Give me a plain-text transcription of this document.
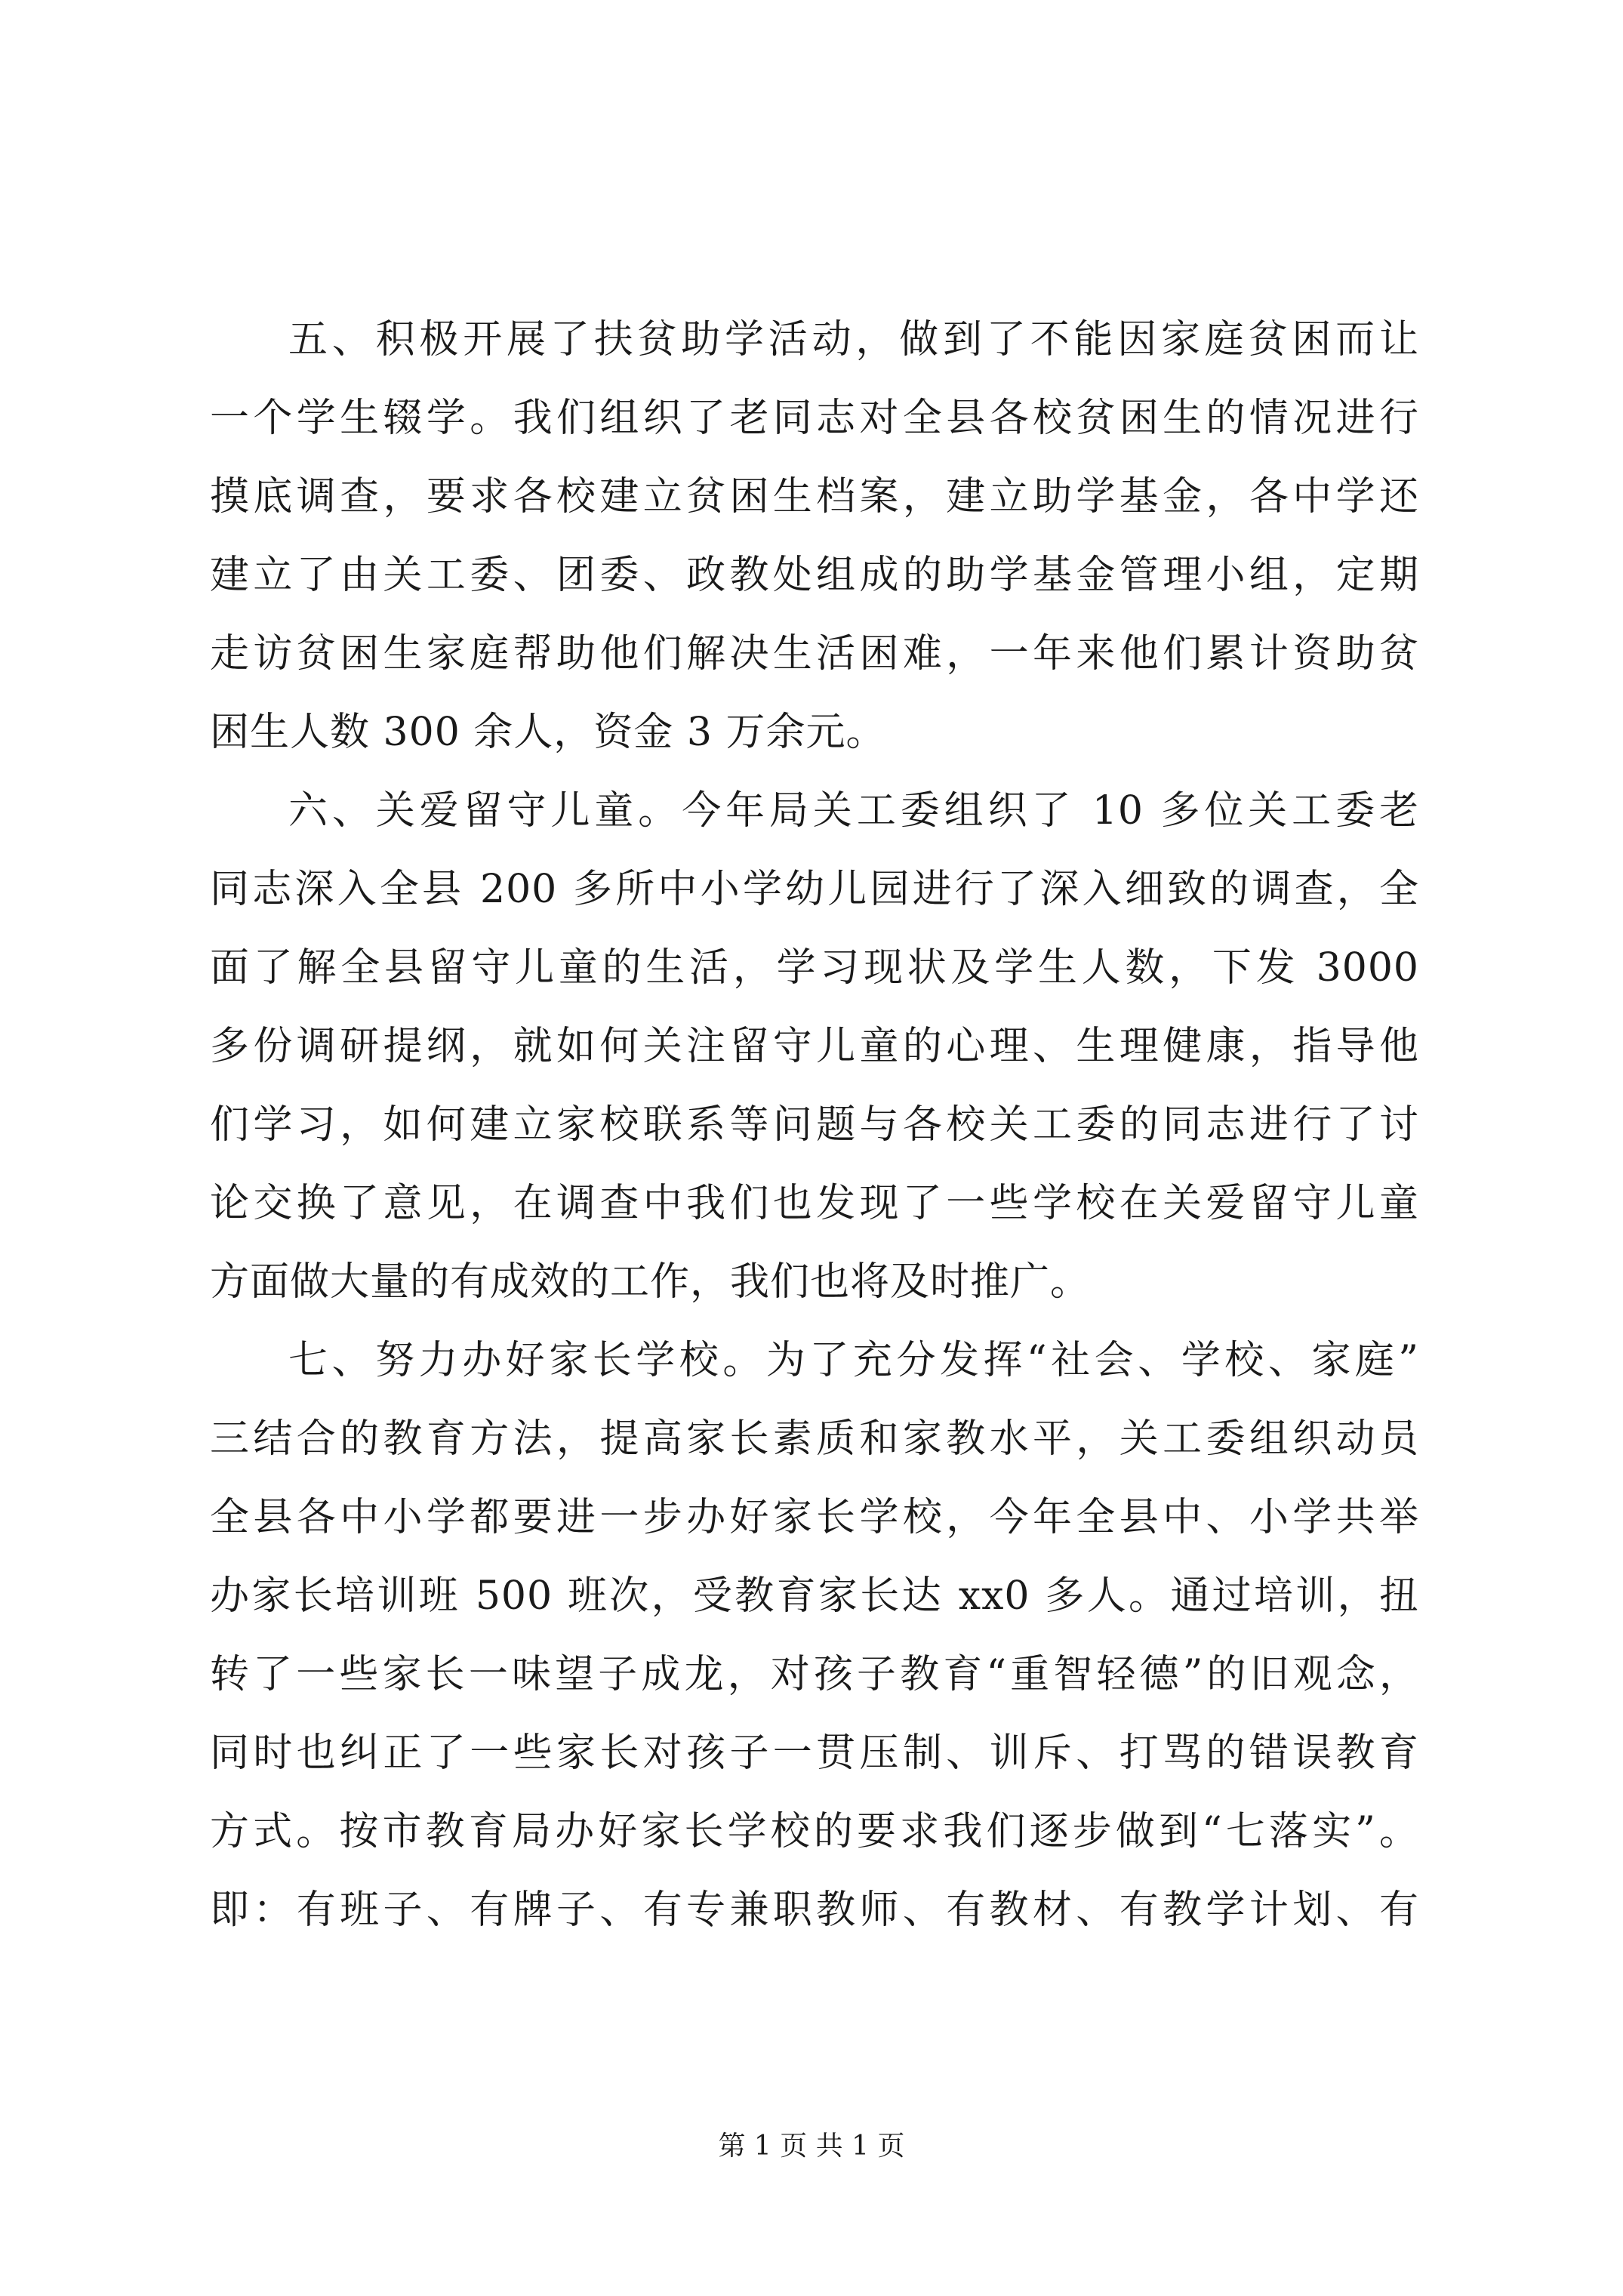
五、积极开展了扶贫助学活动，做到了不能因家庭贫困而让
一个学生辍学。我们组织了老同志对全县各校贫困生的情况进行
摸底调查，要求各校建立贫困生档案，建立助学基金，各中学还
建立了由关工委、团委、政教处组成的助学基金管理小组，定期
走访贫困生家庭帮助他们解决生活困难，一年来他们累计资助贫
困生人数 300 余人，资金 3 万余元。
六、关爱留守儿童。今年局关工委组织了 10 多位关工委老
同志深入全县 200 多所中小学幼儿园进行了深入细致的调查，全
面了解全县留守儿童的生活，学习现状及学生人数，下发 3000
多份调研提纲，就如何关注留守儿童的心理、生理健康，指导他
们学习，如何建立家校联系等问题与各校关工委的同志进行了讨
论交换了意见，在调查中我们也发现了一些学校在关爱留守儿童
方面做大量的有成效的工作，我们也将及时推广。
七、努力办好家长学校。为了充分发挥“社会、学校、家庭”
三结合的教育方法，提高家长素质和家教水平，关工委组织动员
全县各中小学都要进一步办好家长学校，今年全县中、小学共举
办家长培训班 500 班次，受教育家长达 xx0 多人。通过培训，扭
转了一些家长一味望子成龙，对孩子教育“重智轻德”的旧观念，
同时也纠正了一些家长对孩子一贯压制、训斥、打骂的错误教育
方式。按市教育局办好家长学校的要求我们逐步做到“七落实”。
即：有班子、有牌子、有专兼职教师、有教材、有教学计划、有
第 1 页 共 1 页
